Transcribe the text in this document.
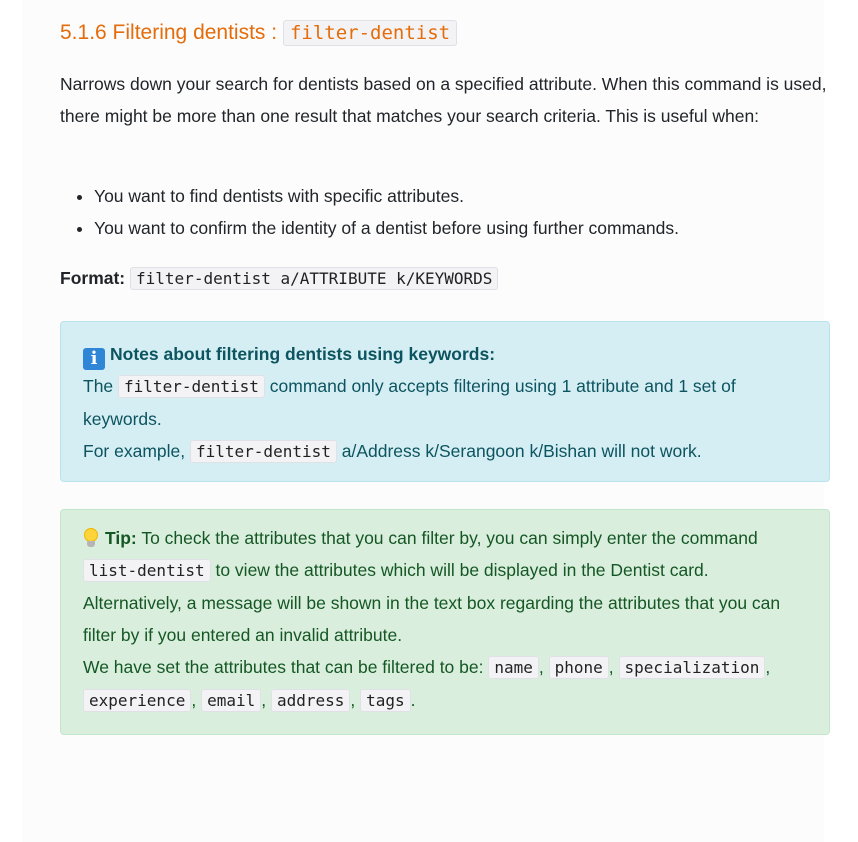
5.1.6 Filtering dentists : filter-dentist

Narrows down your search for dentists based on a specified attribute. When this command is used, there might be more than one result that matches your search criteria. This is useful when:

• You want to find dentists with specific attributes.
• You want to confirm the identity of a dentist before using further commands.
Format: filter-dentist a/ATTRIBUTE k/KEYWORDS
i Notes about filtering dentists using keywords:
The filter-dentist command only accepts filtering using 1 attribute and 1 set of keywords.
For example, filter-dentist a/Address k/Serangoon k/Bishan will not work.
Tip: To check the attributes that you can filter by, you can simply enter the command list-dentist to view the attributes which will be displayed in the Dentist card. Alternatively, a message will be shown in the text box regarding the attributes that you can filter by if you entered an invalid attribute.
We have set the attributes that can be filtered to be: name , phone , specialization , experience , email , address , tags .
